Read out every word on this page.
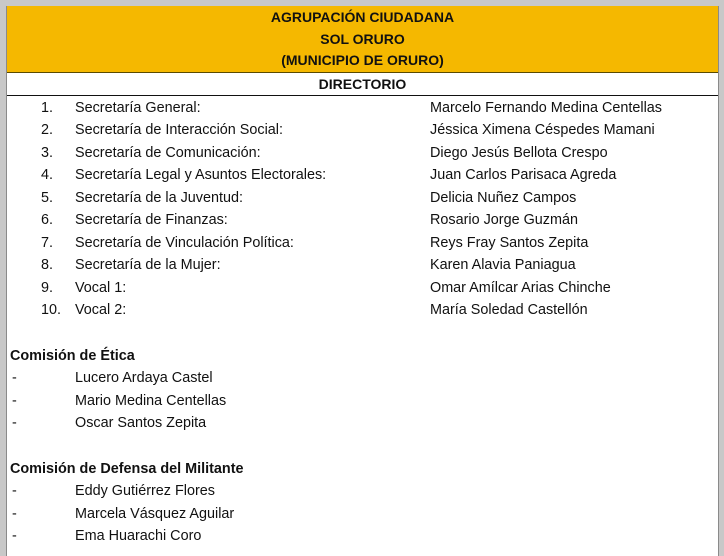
AGRUPACIÓN CIUDADANA
SOL ORURO
(MUNICIPIO DE ORURO)
DIRECTORIO
1. Secretaría General:	Marcelo Fernando Medina Centellas
2. Secretaría de Interacción Social:	Jéssica Ximena Céspedes Mamani
3. Secretaría de Comunicación:	Diego Jesús Bellota Crespo
4. Secretaría Legal y Asuntos Electorales:	Juan Carlos Parisaca Agreda
5. Secretaría de la Juventud:	Delicia Nuñez Campos
6. Secretaría de Finanzas:	Rosario Jorge Guzmán
7. Secretaría de Vinculación Política:	Reys Fray Santos Zepita
8. Secretaría de la Mujer:	Karen Alavia Paniagua
9. Vocal 1:	Omar Amílcar Arias Chinche
10. Vocal 2:	María Soledad Castellón
Comisión de Ética
-	Lucero Ardaya Castel
-	Mario Medina Centellas
-	Oscar Santos Zepita
Comisión de Defensa del Militante
-	Eddy Gutiérrez Flores
-	Marcela Vásquez Aguilar
-	Ema Huarachi Coro
